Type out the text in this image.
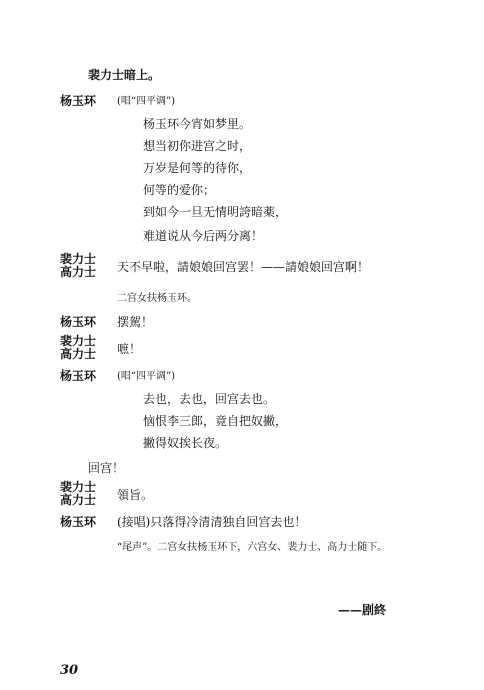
裴力士暗上。
杨玉环 (唱“四平调”)
杨玉环今宵如梦里。
想当初你进宫之时，
万岁是何等的待你，
何等的爱你；
到如今一旦无情明誇暗薬，
难道说从今后两分离！
裴力士
高力士 天不早啦，請娘娘回宫罢！——請娘娘回宫啊！
二宫女扶杨玉环。
杨玉环 摆駕！
裴力士
高力士 嗻！
杨玉环 (唱“四平调”)
去也，去也，回宫去也。
恼恨李三郎，竟自把奴撇，
撇得奴挨长夜。
回宫！
裴力士
高力士 領旨。
杨玉环 (接唱)只落得冷清清独自回宫去也！
“尾声”。二宫女扶杨玉环下，六宫女、裴力士、高力士随下。
——剧終
30
